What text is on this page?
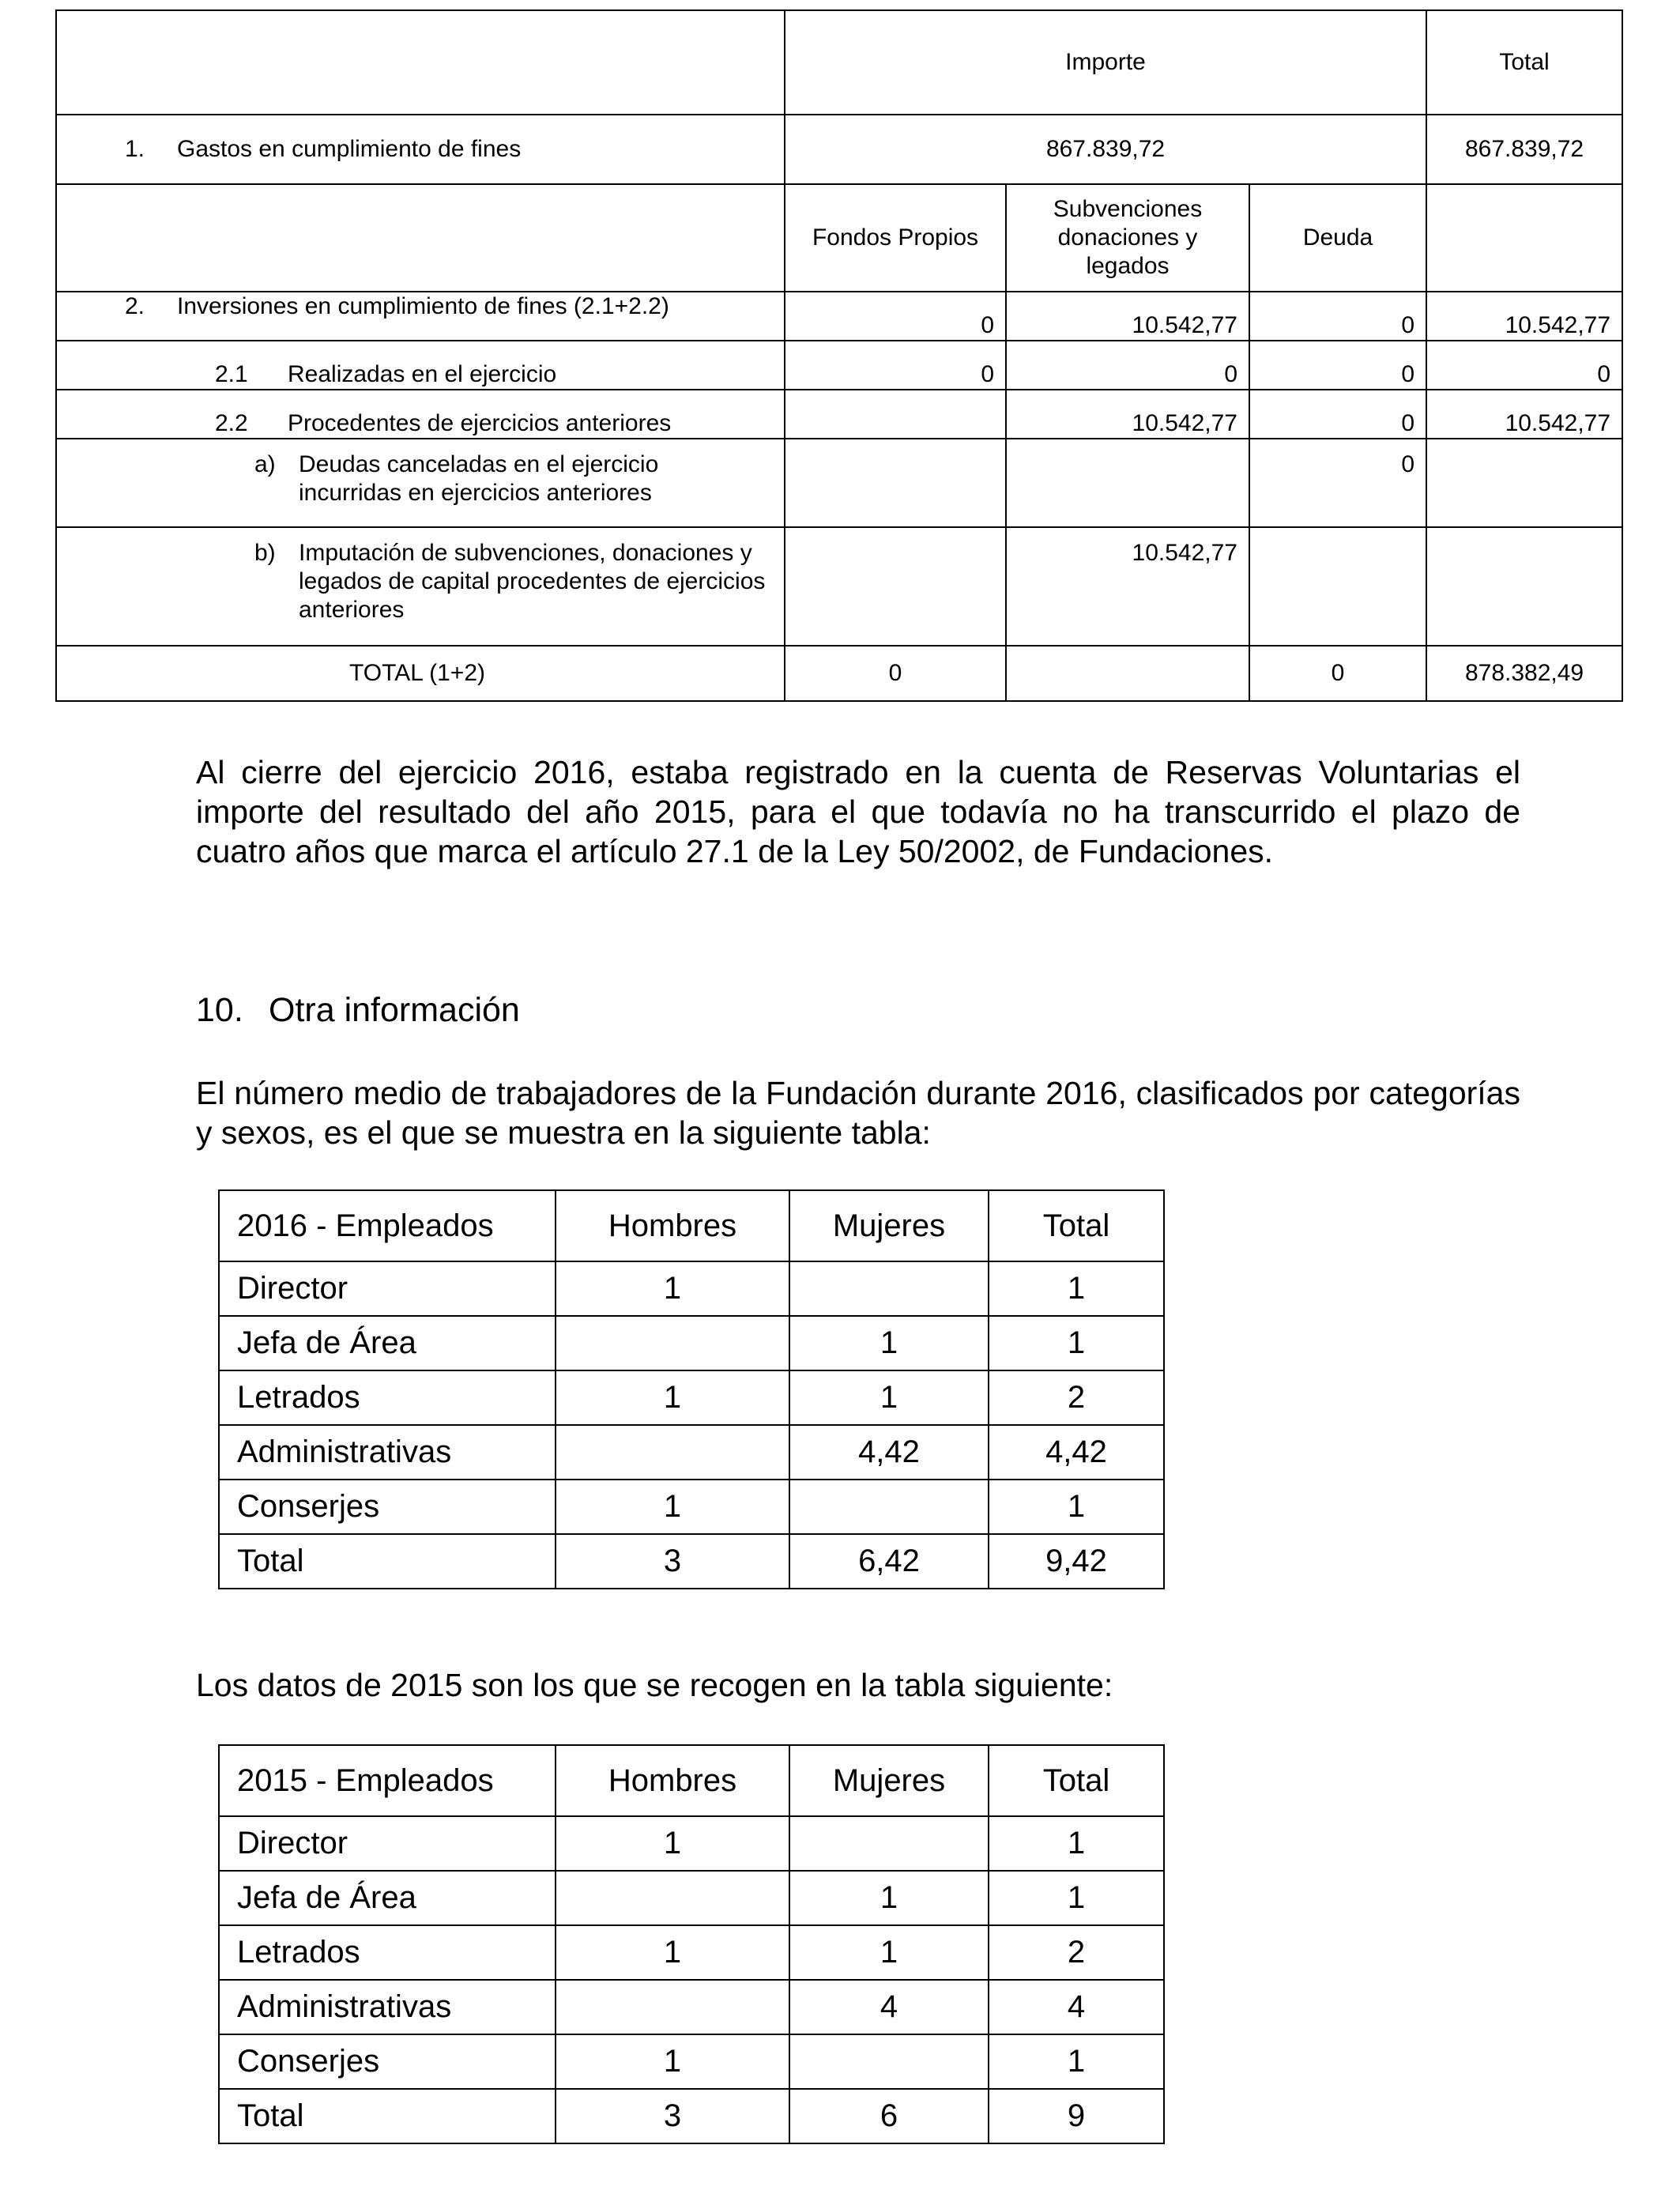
	Importe			Total

1. Gastos en cumplimiento de fines	867.839,72			867.839,72
	Fondos Propios	Subvenciones donaciones y legados	Deuda	

2. Inversiones en cumplimiento de fines (2.1+2.2)	0	10.542,77	0	10.542,77

2.1 Realizadas en el ejercicio	0	0	0	0

2.2 Procedentes de ejercicios anteriores		10.542,77	0	10.542,77

a) Deudas canceladas en el ejercicio incurridas en ejercicios anteriores			0	

b) Imputación de subvenciones, donaciones y legados de capital procedentes de ejercicios anteriores		10.542,77		
TOTAL (1+2)	0		0	878.382,49

Al cierre del ejercicio 2016, estaba registrado en la cuenta de Reservas Voluntarias el importe del resultado del año 2015, para el que todavía no ha transcurrido el plazo de cuatro años que marca el artículo 27.1 de la Ley 50/2002, de Fundaciones.

10. Otra información

El número medio de trabajadores de la Fundación durante 2016, clasificados por categorías y sexos, es el que se muestra en la siguiente tabla:

2016 - Empleados	Hombres	Mujeres	Total
Director	1		1
Jefa de Área		1	1
Letrados	1	1	2
Administrativas		4,42	4,42
Conserjes	1		1
Total	3	6,42	9,42

Los datos de 2015 son los que se recogen en la tabla siguiente:

2015 - Empleados	Hombres	Mujeres	Total
Director	1		1
Jefa de Área		1	1
Letrados	1	1	2
Administrativas		4	4
Conserjes	1		1
Total	3	6	9
